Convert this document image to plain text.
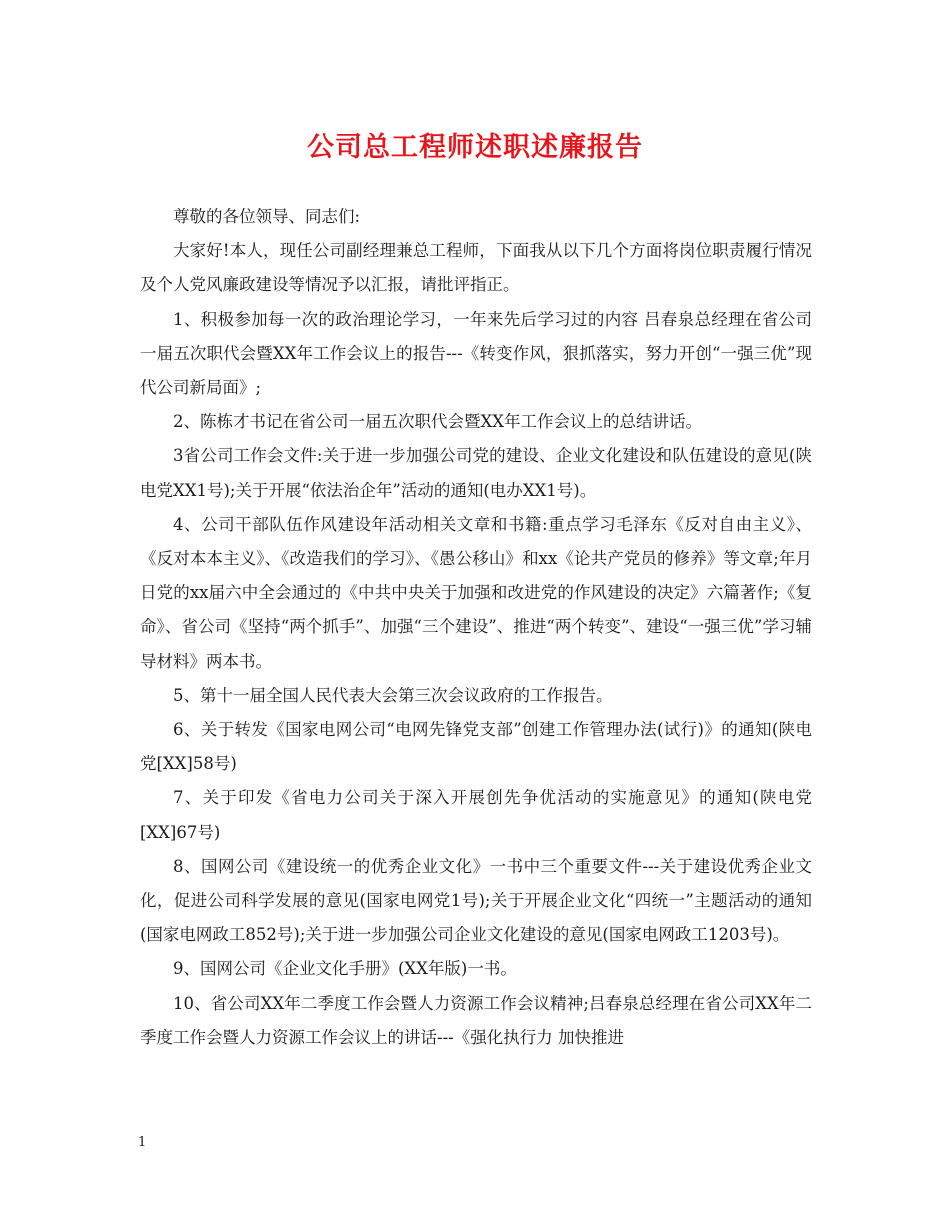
公司总工程师述职述廉报告

尊敬的各位领导、同志们:

大家好!本人，现任公司副经理兼总工程师，下面我从以下几个方面将岗位职责履行情况及个人党风廉政建设等情况予以汇报，请批评指正。

1、积极参加每一次的政治理论学习，一年来先后学习过的内容 吕春泉总经理在省公司一届五次职代会暨XX年工作会议上的报告---《转变作风，狠抓落实，努力开创“一强三优”现代公司新局面》;

2、陈栋才书记在省公司一届五次职代会暨XX年工作会议上的总结讲话。

3省公司工作会文件:关于进一步加强公司党的建设、企业文化建设和队伍建设的意见(陕电党XX1号);关于开展“依法治企年”活动的通知(电办XX1号)。

4、公司干部队伍作风建设年活动相关文章和书籍:重点学习毛泽东《反对自由主义》、《反对本本主义》、《改造我们的学习》、《愚公移山》和xx《论共产党员的修养》等文章;年月日党的xx届六中全会通过的《中共中央关于加强和改进党的作风建设的决定》六篇著作;《复命》、省公司《坚持“两个抓手”、加强“三个建设”、推进“两个转变”、建设“一强三优”学习辅导材料》两本书。

5、第十一届全国人民代表大会第三次会议政府的工作报告。

6、关于转发《国家电网公司“电网先锋党支部”创建工作管理办法(试行)》的通知(陕电党[XX]58号)

7、关于印发《省电力公司关于深入开展创先争优活动的实施意见》的通知(陕电党[XX]67号)

8、国网公司《建设统一的优秀企业文化》一书中三个重要文件---关于建设优秀企业文化，促进公司科学发展的意见(国家电网党1号);关于开展企业文化“四统一”主题活动的通知(国家电网政工852号);关于进一步加强公司企业文化建设的意见(国家电网政工1203号)。

9、国网公司《企业文化手册》(XX年版)一书。

10、省公司XX年二季度工作会暨人力资源工作会议精神;吕春泉总经理在省公司XX年二季度工作会暨人力资源工作会议上的讲话---《强化执行力 加快推进

1
